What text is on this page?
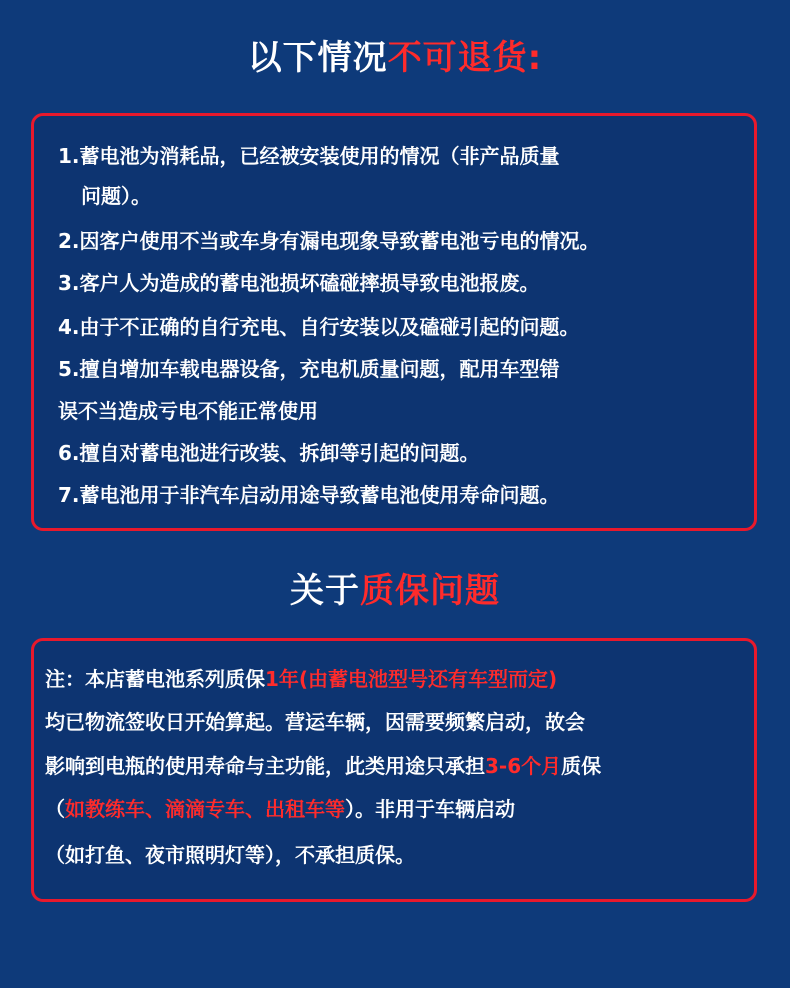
以下情况不可退货:
1.蓄电池为消耗品，已经被安装使用的情况（非产品质量
问题）。
2.因客户使用不当或车身有漏电现象导致蓄电池亏电的情况。
3.客户人为造成的蓄电池损坏磕碰摔损导致电池报废。
4.由于不正确的自行充电、自行安装以及磕碰引起的问题。
5.擅自增加车载电器设备，充电机质量问题，配用车型错
误不当造成亏电不能正常使用
6.擅自对蓄电池进行改装、拆卸等引起的问题。
7.蓄电池用于非汽车启动用途导致蓄电池使用寿命问题。
关于质保问题
注：本店蓄电池系列质保1年(由蓄电池型号还有车型而定)
均已物流签收日开始算起。营运车辆，因需要频繁启动，故会
影响到电瓶的使用寿命与主功能，此类用途只承担3-6个月质保
（如教练车、滴滴专车、出租车等）。非用于车辆启动
（如打鱼、夜市照明灯等），不承担质保。
